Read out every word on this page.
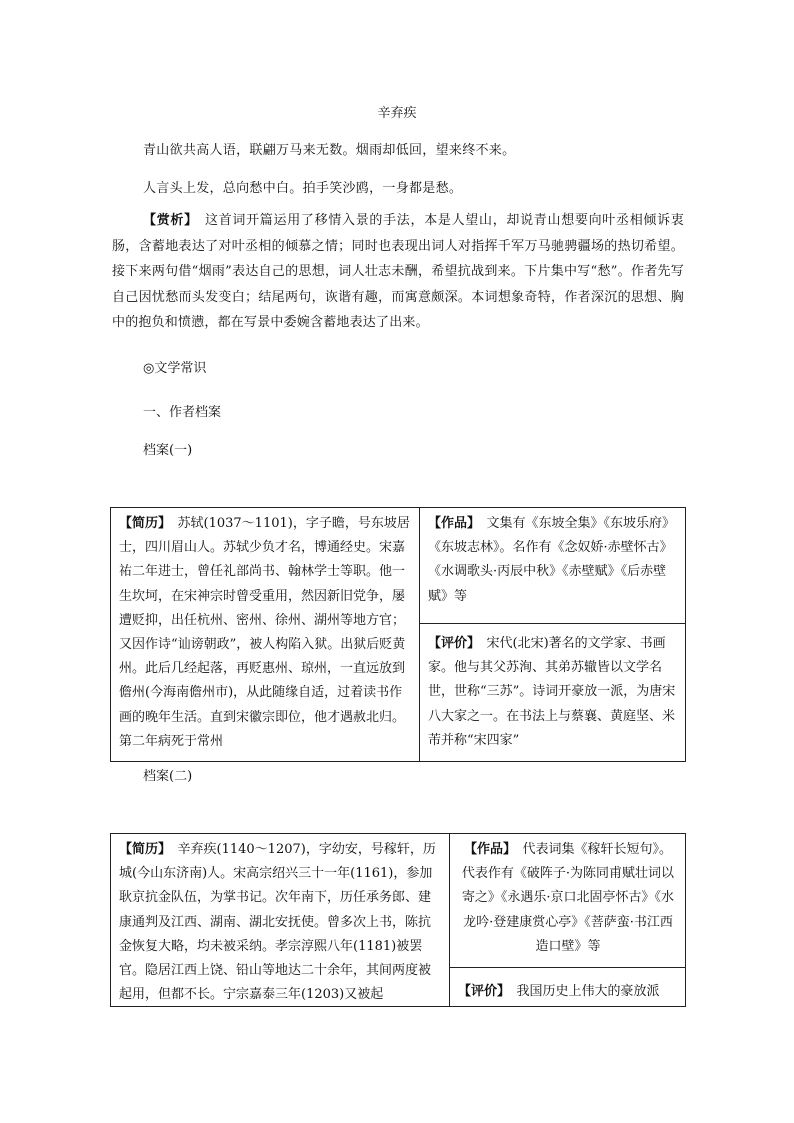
辛弃疾
青山欲共高人语，联翩万马来无数。烟雨却低回，望来终不来。
人言头上发，总向愁中白。拍手笑沙鸥，一身都是愁。
【赏析】　这首词开篇运用了移情入景的手法，本是人望山，却说青山想要向叶丞相倾诉衷肠，含蓄地表达了对叶丞相的倾慕之情；同时也表现出词人对指挥千军万马驰骋疆场的热切希望。接下来两句借“烟雨”表达自己的思想，词人壮志未酬，希望抗战到来。下片集中写“愁”。作者先写自己因忧愁而头发变白；结尾两句，诙谐有趣，而寓意颇深。本词想象奇特，作者深沉的思想、胸中的抱负和愤懑，都在写景中委婉含蓄地表达了出来。
◎文学常识
一、作者档案
档案(一)
【简历】　 苏轼(1037～1101)，字子瞻，号东坡居士，四川眉山人。苏轼少负才名，博通经史。宋嘉祐二年进士，曾任礼部尚书、翰林学士等职。他一生坎坷，在宋神宗时曾受重用，然因新旧党争，屡遭贬抑，出任杭州、密州、徐州、湖州等地方官；又因作诗“讪谤朝政”，被人构陷入狱。出狱后贬黄州。此后几经起落，再贬惠州、琼州，一直远放到儋州(今海南儋州市)，从此随缘自适，过着读书作画的晚年生活。直到宋徽宗即位，他才遇赦北归。第二年病死于常州	【作品】　 文集有《东坡全集》《东坡乐府》《东坡志林》。名作有《念奴娇·赤壁怀古》《水调歌头·丙辰中秋》《赤壁赋》《后赤壁赋》等
【评价】　 宋代(北宋)著名的文学家、书画家。他与其父苏洵、其弟苏辙皆以文学名世，世称“三苏”。诗词开豪放一派，为唐宋八大家之一。在书法上与蔡襄、黄庭坚、米芾并称“宋四家”
档案(二)
【简历】　 辛弃疾(1140～1207)，字幼安，号稼轩，历城(今山东济南)人。宋高宗绍兴三十一年(1161)，参加耿京抗金队伍，为掌书记。次年南下，历任承务郎、建康通判及江西、湖南、湖北安抚使。曾多次上书，陈抗金恢复大略，均未被采纳。孝宗淳熙八年(1181)被罢官。隐居江西上饶、铅山等地达二十余年，其间两度被起用，但都不长。宁宗嘉泰三年(1203)又被起
	【作品】　 代表词集《稼轩长短句》。代表作有《破阵子·为陈同甫赋壮词以寄之》《永遇乐·京口北固亭怀古》《水龙吟·登建康赏心亭》《菩萨蛮·书江西造口壁》等
【评价】　 我国历史上伟大的豪放派
